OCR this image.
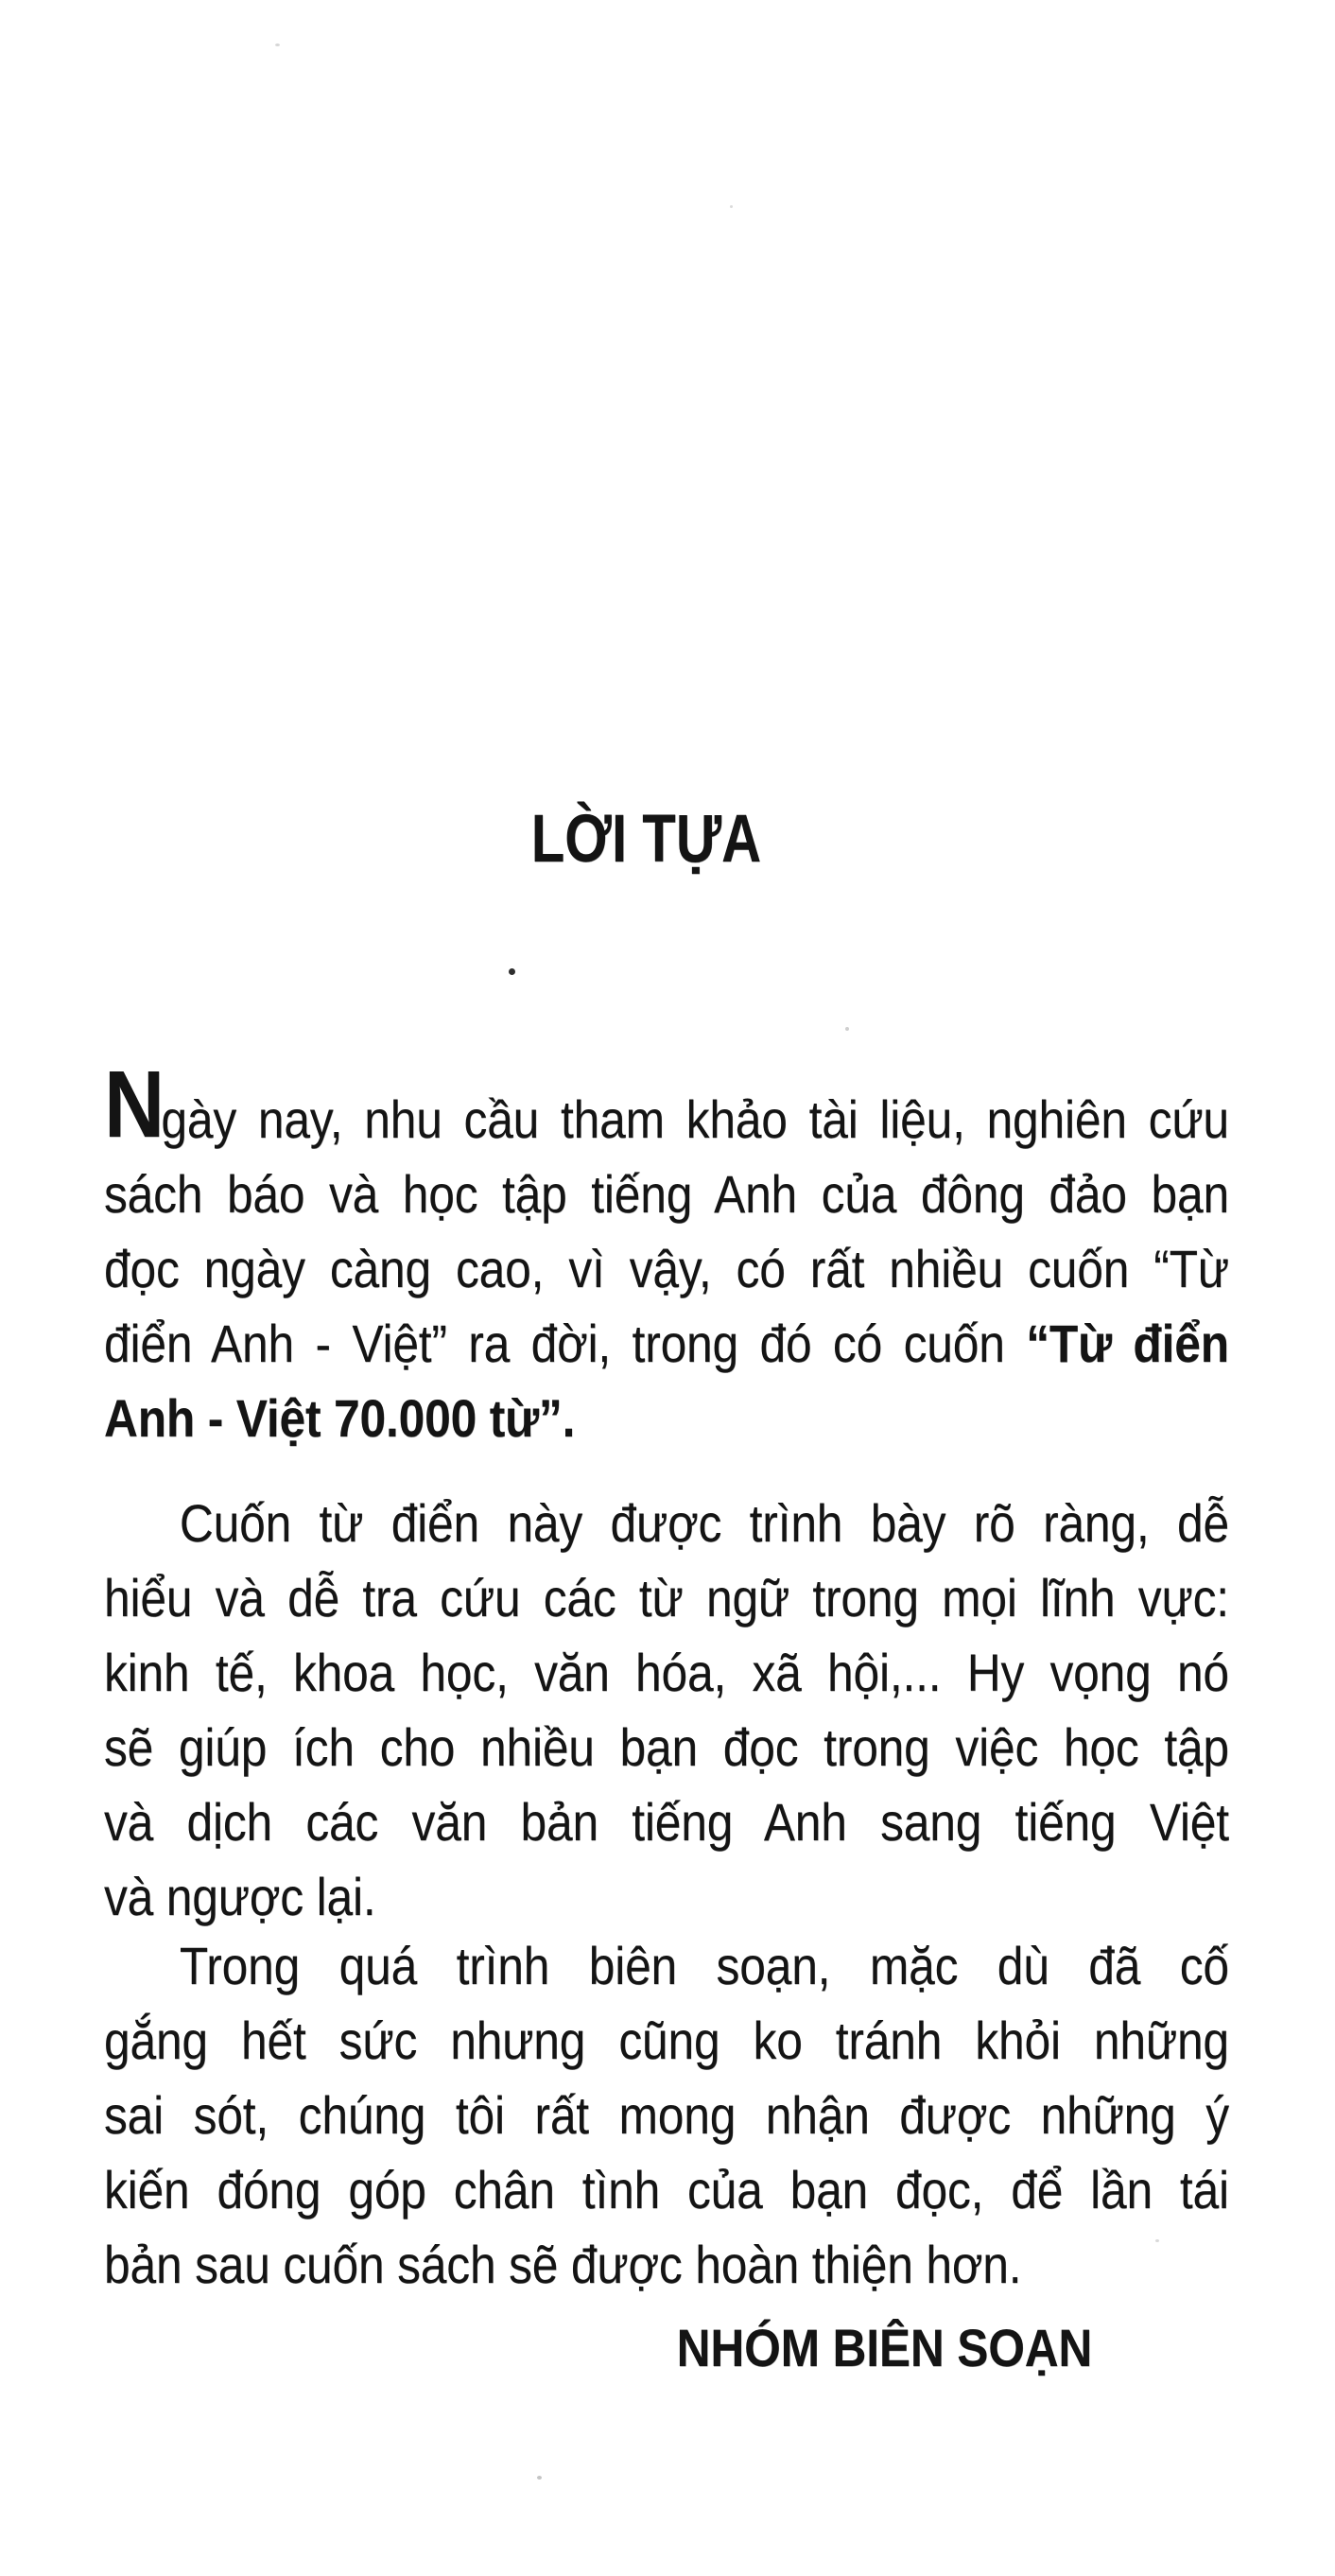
LỜI TỰA
N
gày nay, nhu cầu tham khảo tài liệu, nghiên cứu
sách báo và học tập tiếng Anh của đông đảo bạn
đọc ngày càng cao, vì vậy, có rất nhiều cuốn “Từ
điển Anh - Việt” ra đời, trong đó có cuốn “Từ điển
Anh - Việt 70.000 từ”.
Cuốn từ điển này được trình bày rõ ràng, dễ
hiểu và dễ tra cứu các từ ngữ trong mọi lĩnh vực:
kinh tế, khoa học, văn hóa, xã hội,... Hy vọng nó
sẽ giúp ích cho nhiều bạn đọc trong việc học tập
và dịch các văn bản tiếng Anh sang tiếng Việt
và ngược lại.
Trong quá trình biên soạn, mặc dù đã cố
gắng hết sức nhưng cũng ko tránh khỏi những
sai sót, chúng tôi rất mong nhận được những ý
kiến đóng góp chân tình của bạn đọc, để lần tái
bản sau cuốn sách sẽ được hoàn thiện hơn.
NHÓM BIÊN SOẠN
